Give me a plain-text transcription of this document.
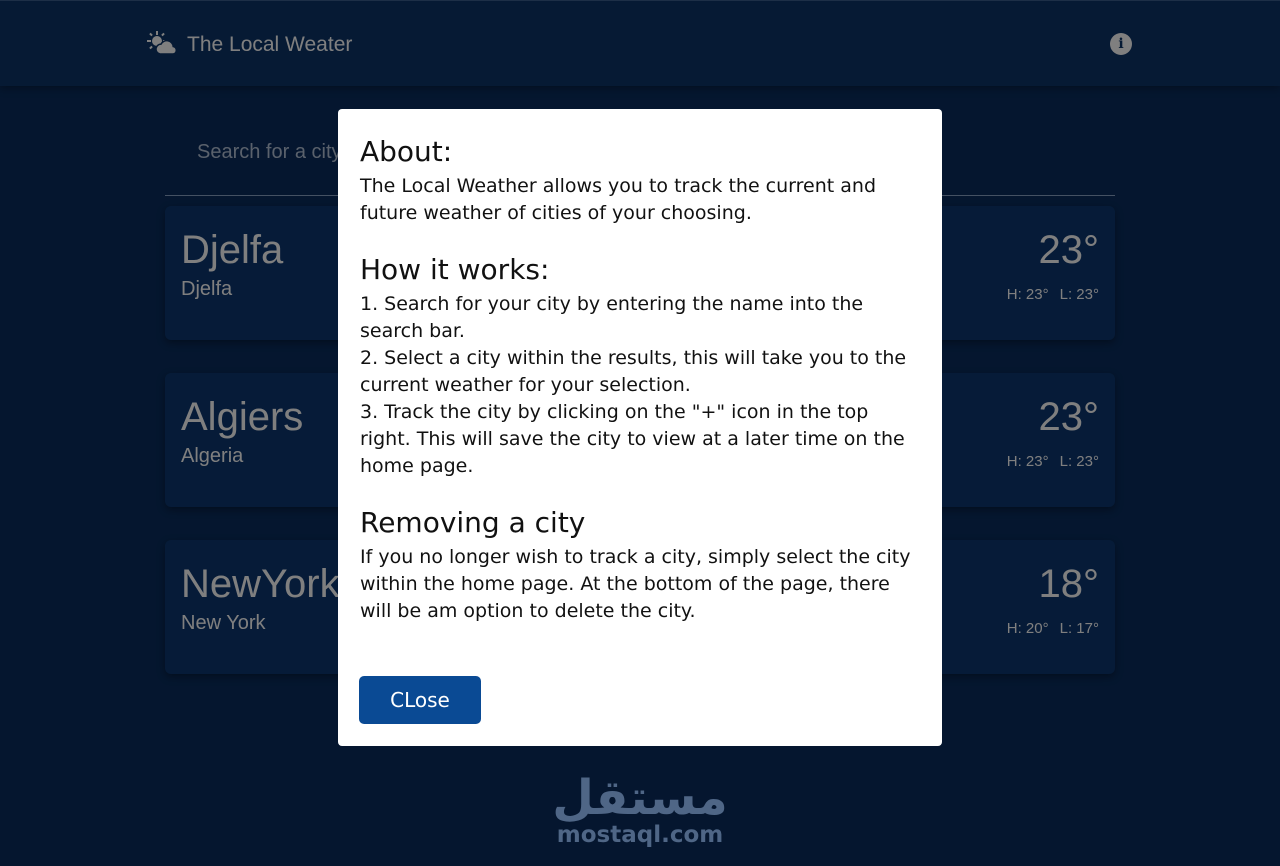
Search for a city or state
About:

The Local Weather allows you to track the current and future weather of cities of your choosing.

How it works:

1. Search for your city by entering the name into the search bar.

2. Select a city within the results, this will take you to the current weather for your selection.

3. Track the city by clicking on the "+" icon in the top right. This will save the city to view at a later time on the home page.

Removing a city

If you no longer wish to track a city, simply select the city within the home page. At the bottom of the page, there will be am option to delete the city.

CLose
مستقل
mostaql.com
